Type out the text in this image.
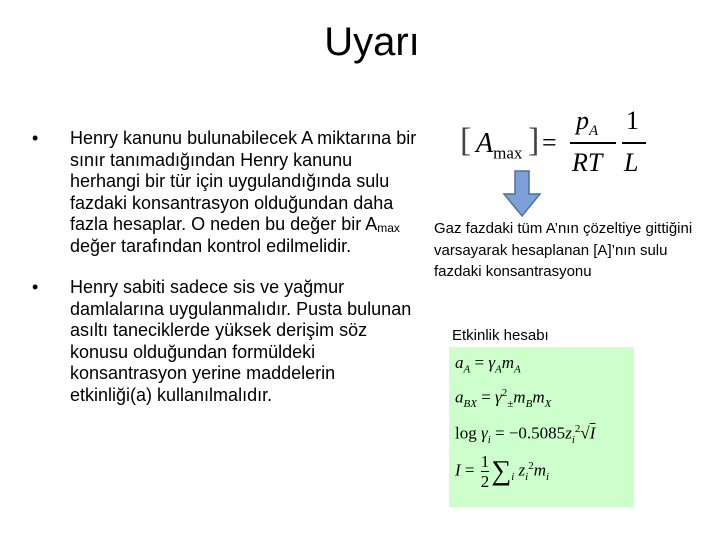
Uyarı
• Henry kanunu bulunabilecek A miktarına bir sınır tanımadığından Henry kanunu herhangi bir tür için uygulandığında sulu fazdaki konsantrasyon olduğundan daha fazla hesaplar. O neden bu değer bir $A_{max}$ değer tarafından kontrol edilmelidir.
• Henry sabiti sadece sis ve yağmur damlalarına uygulanmalıdır. Pusta bulunan asıltı taneciklerde yüksek derişim söz konusu olduğundan formüldeki konsantrasyon yerine maddelerin etkinliği(a) kullanılmalıdır.
[ $A_{max}$ ] =
$p_A$
RT
1
L
Gaz fazdaki tüm A’nın çözeltiye gittiğini varsayarak hesaplanan [A]’nın sulu fazdaki konsantrasyonu
Etkinlik hesabı
$a_A = \gamma_Am_A$
$a_{BX} = \gamma^2_\pm m_Bm_X$
$\log \gamma_i = -0.5085z_i^2√I$
$I = \frac{1}{2} \sum_i$ $z_i^2m_i$
